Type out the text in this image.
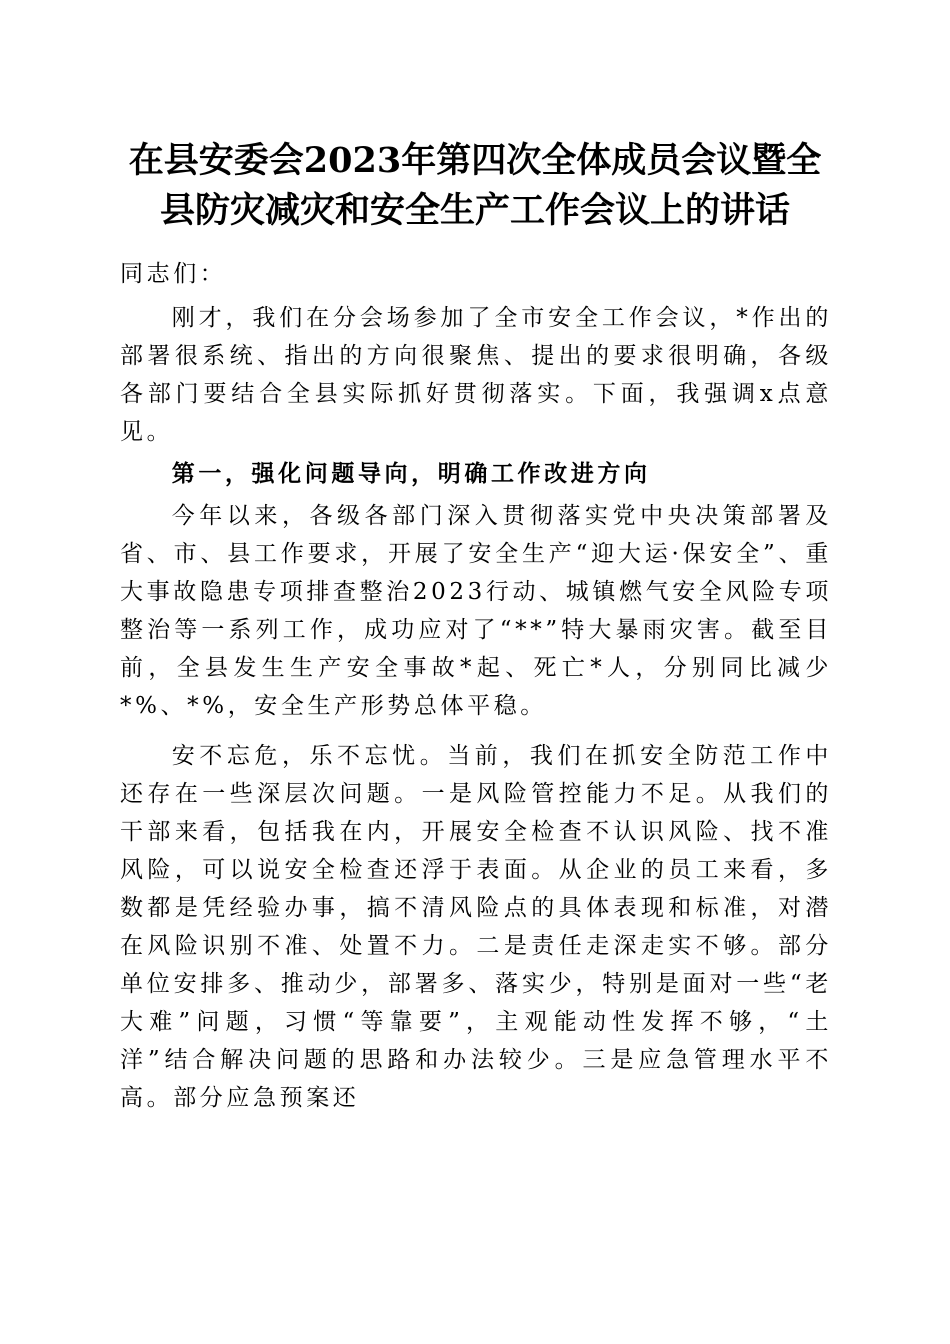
在县安委会2023年第四次全体成员会议暨全
县防灾减灾和安全生产工作会议上的讲话

同志们：

刚才，我们在分会场参加了全市安全工作会议，*作出的部署很系统、指出的方向很聚焦、提出的要求很明确，各级各部门要结合全县实际抓好贯彻落实。下面，我强调x点意见。

第一，强化问题导向，明确工作改进方向

今年以来，各级各部门深入贯彻落实党中央决策部署及省、市、县工作要求，开展了安全生产“迎大运·保安全”、重大事故隐患专项排查整治2023行动、城镇燃气安全风险专项整治等一系列工作，成功应对了“**”特大暴雨灾害。截至目前，全县发生生产安全事故*起、死亡*人，分别同比减少*%、*%，安全生产形势总体平稳。

安不忘危，乐不忘忧。当前，我们在抓安全防范工作中还存在一些深层次问题。一是风险管控能力不足。从我们的干部来看，包括我在内，开展安全检查不认识风险、找不准风险，可以说安全检查还浮于表面。从企业的员工来看，多数都是凭经验办事，搞不清风险点的具体表现和标准，对潜在风险识别不准、处置不力。二是责任走深走实不够。部分单位安排多、推动少，部署多、落实少，特别是面对一些“老大难”问题，习惯“等靠要”，主观能动性发挥不够，“土洋”结合解决问题的思路和办法较少。三是应急管理水平不高。部分应急预案还
